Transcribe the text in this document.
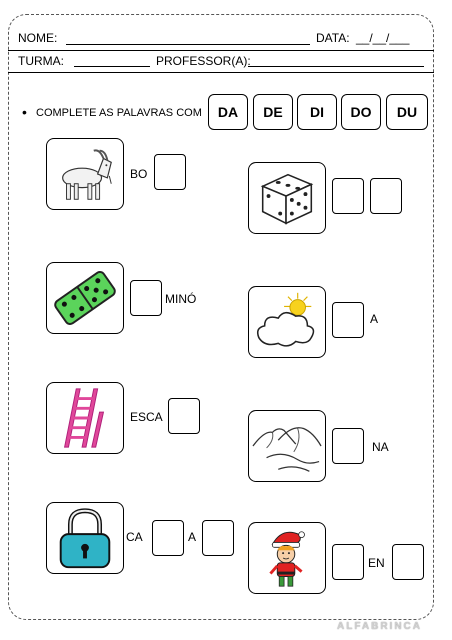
NOME:	DATA: __/__/___
TURMA:	PROFESSOR(A):
• COMPLETE AS PALAVRAS COM	DA	DE	DI	DO	DU
BO
MINÓ
A
ESCA
NA
CA	A
EN
ALFABRINCA
